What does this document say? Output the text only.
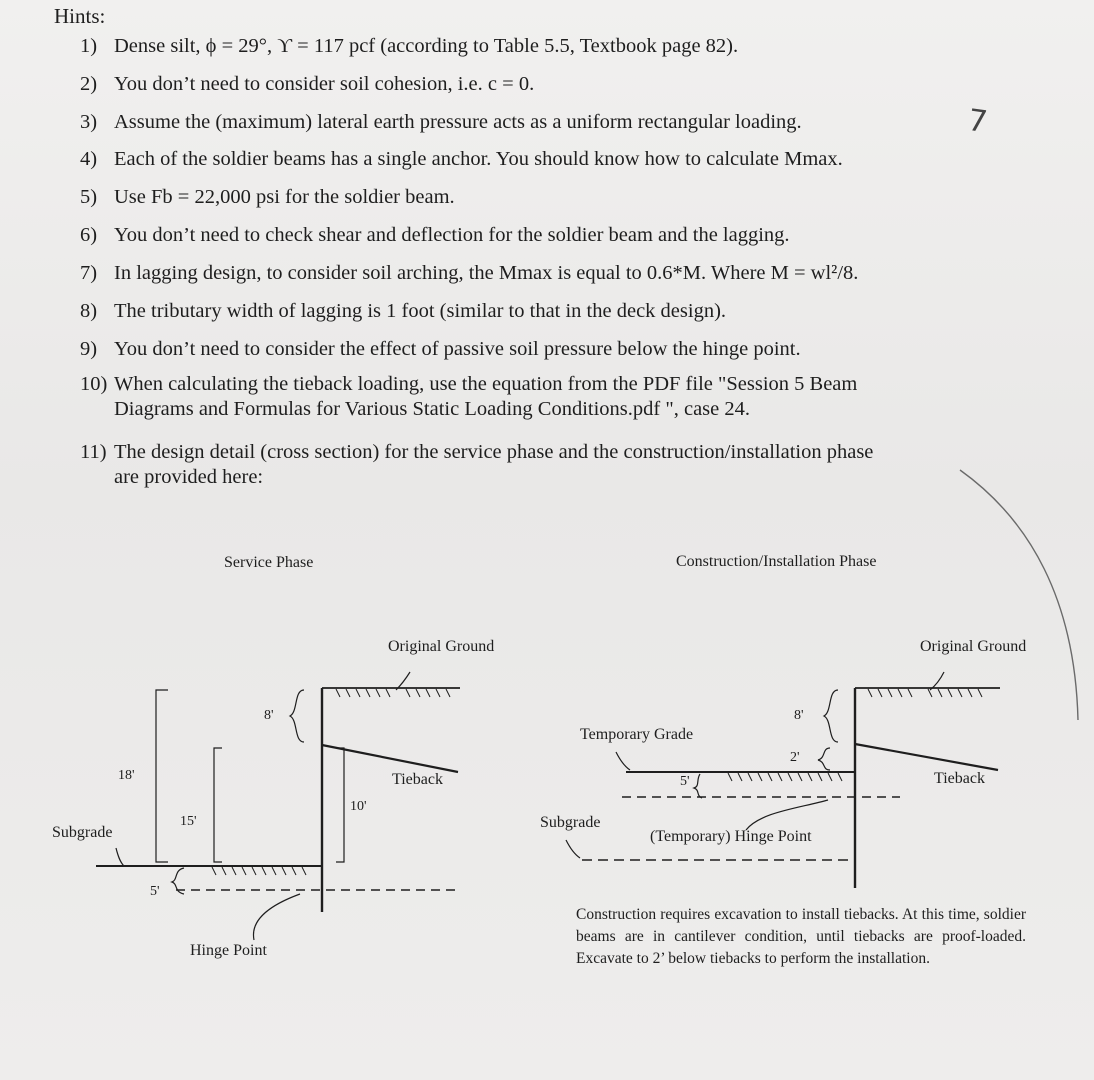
Hints:
1) Dense silt, ϕ = 29°, ϒ = 117 pcf (according to Table 5.5, Textbook page 82).
2) You don’t need to consider soil cohesion, i.e. c = 0.
3) Assume the (maximum) lateral earth pressure acts as a uniform rectangular loading.
4) Each of the soldier beams has a single anchor. You should know how to calculate Mmax.
5) Use Fb = 22,000 psi for the soldier beam.
6) You don’t need to check shear and deflection for the soldier beam and the lagging.
7) In lagging design, to consider soil arching, the Mmax is equal to 0.6*M. Where M = wl²/8.
8) The tributary width of lagging is 1 foot (similar to that in the deck design).
9) You don’t need to consider the effect of passive soil pressure below the hinge point.
10) When calculating the tieback loading, use the equation from the PDF file "Session 5 Beam
Diagrams and Formulas for Various Static Loading Conditions.pdf ", case 24.
11) The design detail (cross section) for the service phase and the construction/installation phase
are provided here:
7
Service Phase
Original Ground
Tieback
Subgrade
Hinge Point
8'
18'
15'
10'
5'
Construction/Installation Phase
Original Ground
Temporary Grade
Tieback
Subgrade
(Temporary) Hinge Point
8'
2'
5'
Construction requires excavation to install tiebacks. At this time, soldier beams are in cantilever condition, until tiebacks are proof-loaded. Excavate to 2’ below tiebacks to perform the installation.
